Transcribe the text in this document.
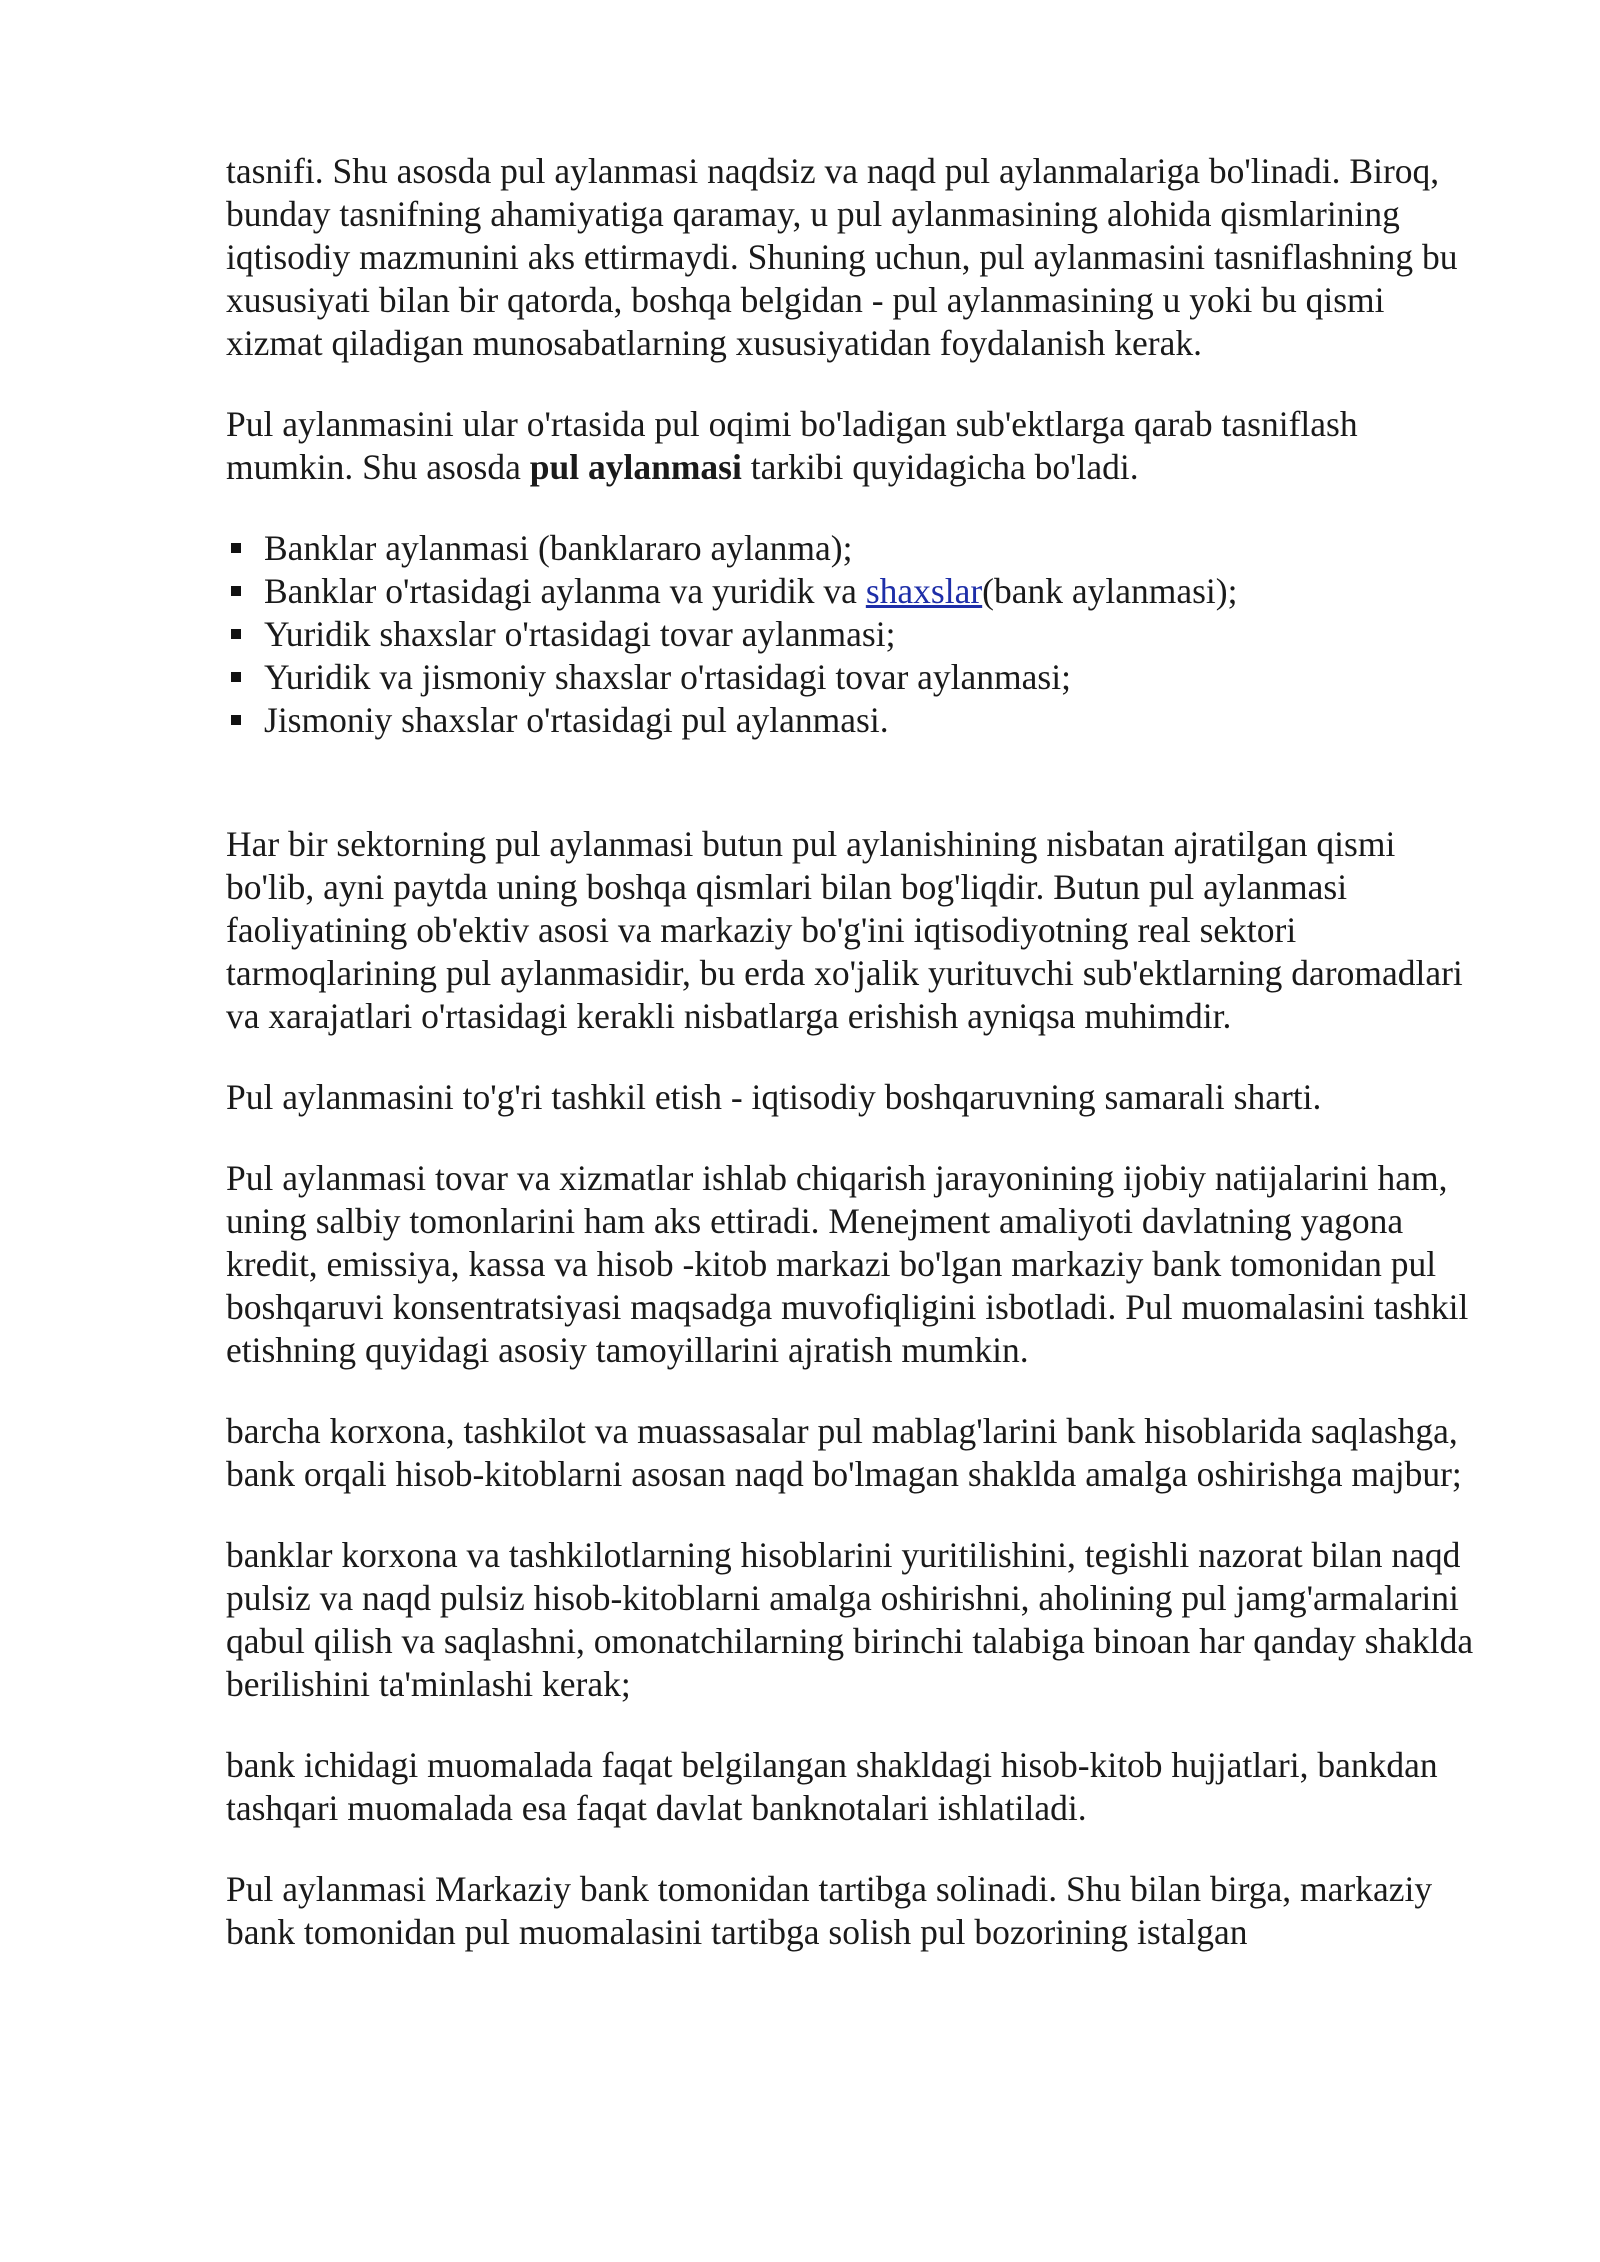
tasnifi. Shu asosda pul aylanmasi naqdsiz va naqd pul aylanmalariga bo'linadi. Biroq, bunday tasnifning ahamiyatiga qaramay, u pul aylanmasining alohida qismlarining iqtisodiy mazmunini aks ettirmaydi. Shuning uchun, pul aylanmasini tasniflashning bu xususiyati bilan bir qatorda, boshqa belgidan - pul aylanmasining u yoki bu qismi xizmat qiladigan munosabatlarning xususiyatidan foydalanish kerak.

Pul aylanmasini ular o'rtasida pul oqimi bo'ladigan sub'ektlarga qarab tasniflash mumkin. Shu asosda pul aylanmasi tarkibi quyidagicha bo'ladi.

Banklar aylanmasi (banklararo aylanma);
Banklar o'rtasidagi aylanma va yuridik va shaxslar(bank aylanmasi);
Yuridik shaxslar o'rtasidagi tovar aylanmasi;
Yuridik va jismoniy shaxslar o'rtasidagi tovar aylanmasi;
Jismoniy shaxslar o'rtasidagi pul aylanmasi.

Har bir sektorning pul aylanmasi butun pul aylanishining nisbatan ajratilgan qismi bo'lib, ayni paytda uning boshqa qismlari bilan bog'liqdir. Butun pul aylanmasi faoliyatining ob'ektiv asosi va markaziy bo'g'ini iqtisodiyotning real sektori tarmoqlarining pul aylanmasidir, bu erda xo'jalik yurituvchi sub'ektlarning daromadlari va xarajatlari o'rtasidagi kerakli nisbatlarga erishish ayniqsa muhimdir.

Pul aylanmasini to'g'ri tashkil etish - iqtisodiy boshqaruvning samarali sharti.

Pul aylanmasi tovar va xizmatlar ishlab chiqarish jarayonining ijobiy natijalarini ham, uning salbiy tomonlarini ham aks ettiradi. Menejment amaliyoti davlatning yagona kredit, emissiya, kassa va hisob -kitob markazi bo'lgan markaziy bank tomonidan pul boshqaruvi konsentratsiyasi maqsadga muvofiqligini isbotladi. Pul muomalasini tashkil etishning quyidagi asosiy tamoyillarini ajratish mumkin.

barcha korxona, tashkilot va muassasalar pul mablag'larini bank hisoblarida saqlashga, bank orqali hisob-kitoblarni asosan naqd bo'lmagan shaklda amalga oshirishga majbur;

banklar korxona va tashkilotlarning hisoblarini yuritilishini, tegishli nazorat bilan naqd pulsiz va naqd pulsiz hisob-kitoblarni amalga oshirishni, aholining pul jamg'armalarini qabul qilish va saqlashni, omonatchilarning birinchi talabiga binoan har qanday shaklda berilishini ta'minlashi kerak;

bank ichidagi muomalada faqat belgilangan shakldagi hisob-kitob hujjatlari, bankdan tashqari muomalada esa faqat davlat banknotalari ishlatiladi.

Pul aylanmasi Markaziy bank tomonidan tartibga solinadi. Shu bilan birga, markaziy bank tomonidan pul muomalasini tartibga solish pul bozorining istalgan
